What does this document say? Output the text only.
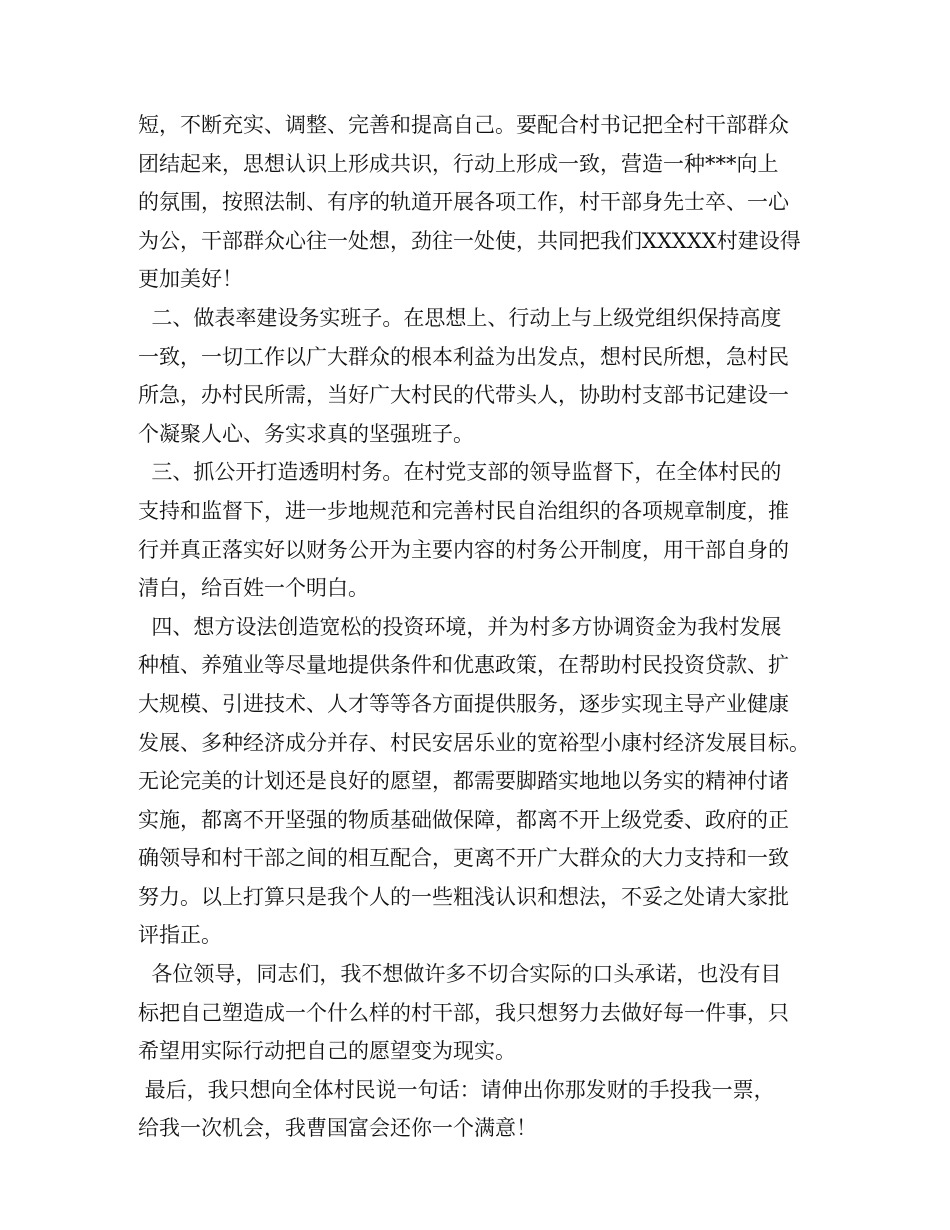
短，不断充实、调整、完善和提高自己。要配合村书记把全村干部群众
团结起来，思想认识上形成共识，行动上形成一致，营造一种***向上
的氛围，按照法制、有序的轨道开展各项工作，村干部身先士卒、一心
为公，干部群众心往一处想，劲往一处使，共同把我们XXXXX村建设得
更加美好！
二、做表率建设务实班子。在思想上、行动上与上级党组织保持高度
一致，一切工作以广大群众的根本利益为出发点，想村民所想，急村民
所急，办村民所需，当好广大村民的代带头人，协助村支部书记建设一
个凝聚人心、务实求真的坚强班子。
三、抓公开打造透明村务。在村党支部的领导监督下，在全体村民的
支持和监督下，进一步地规范和完善村民自治组织的各项规章制度，推
行并真正落实好以财务公开为主要内容的村务公开制度，用干部自身的
清白，给百姓一个明白。
四、想方设法创造宽松的投资环境，并为村多方协调资金为我村发展
种植、养殖业等尽量地提供条件和优惠政策，在帮助村民投资贷款、扩
大规模、引进技术、人才等等各方面提供服务，逐步实现主导产业健康
发展、多种经济成分并存、村民安居乐业的宽裕型小康村经济发展目标。
无论完美的计划还是良好的愿望，都需要脚踏实地地以务实的精神付诸
实施，都离不开坚强的物质基础做保障，都离不开上级党委、政府的正
确领导和村干部之间的相互配合，更离不开广大群众的大力支持和一致
努力。以上打算只是我个人的一些粗浅认识和想法，不妥之处请大家批
评指正。
各位领导，同志们，我不想做许多不切合实际的口头承诺，也没有目
标把自己塑造成一个什么样的村干部，我只想努力去做好每一件事，只
希望用实际行动把自己的愿望变为现实。
最后，我只想向全体村民说一句话：请伸出你那发财的手投我一票，
给我一次机会，我曹国富会还你一个满意！
